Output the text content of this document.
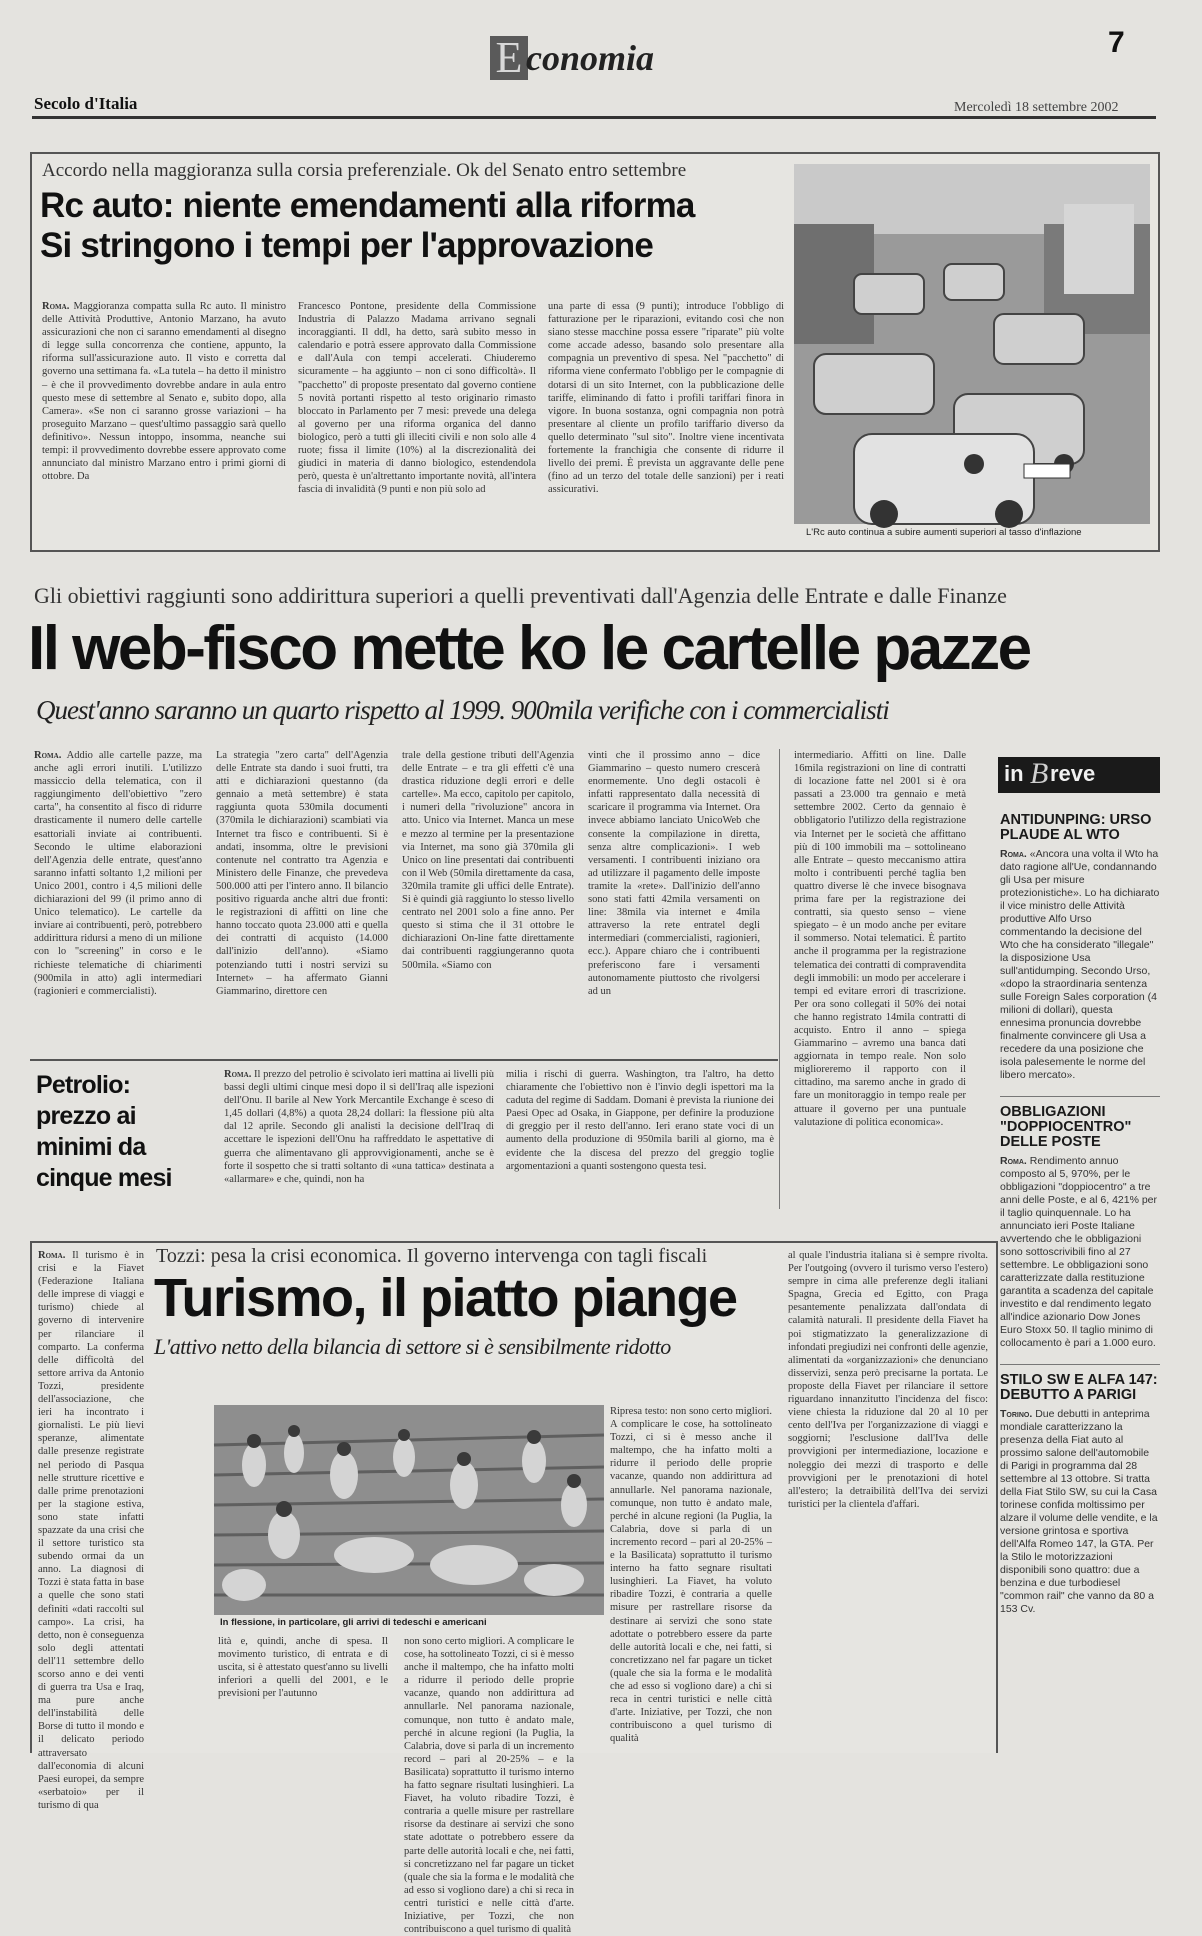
E conomia	7
Secolo d'Italia	Mercoledì 18 settembre 2002
Accordo nella maggioranza sulla corsia preferenziale. Ok del Senato entro settembre
Rc auto: niente emendamenti alla riforma
Si stringono i tempi per l'approvazione

Roma. Maggioranza compatta sulla Rc auto. Il ministro delle Attività Produttive, Antonio Marzano, ha avuto assicurazioni che non ci saranno emendamenti al disegno di legge sulla concorrenza che contiene, appunto, la riforma sull'assicurazione auto. Il visto e corretta dal governo una settimana fa. «La tutela – ha detto il ministro – è che il provvedimento dovrebbe andare in aula entro questo mese di settembre al Senato e, subito dopo, alla Camera». «Se non ci saranno grosse variazioni – ha proseguito Marzano – quest'ultimo passaggio sarà quello definitivo». Nessun intoppo, insomma, neanche sui tempi: il provvedimento dovrebbe essere approvato come annunciato dal ministro Marzano entro i primi giorni di ottobre. Da

Francesco Pontone, presidente della Commissione Industria di Palazzo Madama arrivano segnali incoraggianti. Il ddl, ha detto, sarà subito messo in calendario e potrà essere approvato dalla Commissione e dall'Aula con tempi accelerati. Chiuderemo sicuramente – ha aggiunto – non ci sono difficoltà». Il "pacchetto" di proposte presentato dal governo contiene 5 novità portanti rispetto al testo originario rimasto bloccato in Parlamento per 7 mesi: prevede una delega al governo per una riforma organica del danno biologico, però a tutti gli illeciti civili e non solo alle 4 ruote; fissa il limite (10%) al la discrezionalità dei giudici in materia di danno biologico, estendendola però, questa è un'altrettanto importante novità, all'intera fascia di invalidità (9 punti e non più solo ad

una parte di essa (9 punti); introduce l'obbligo di fatturazione per le riparazioni, evitando così che non siano stesse macchine possa essere "riparate" più volte come accade adesso, basando solo presentare alla compagnia un preventivo di spesa. Nel "pacchetto" di riforma viene confermato l'obbligo per le compagnie di dotarsi di un sito Internet, con la pubblicazione delle tariffe, eliminando di fatto i profili tariffari finora in vigore. In buona sostanza, ogni compagnia non potrà presentare al cliente un profilo tariffario diverso da quello determinato "sul sito". Inoltre viene incentivata fortemente la franchigia che consente di ridurre il livello dei premi. È prevista un aggravante delle pene (fino ad un terzo del totale delle sanzioni) per i reati assicurativi.

L'Rc auto continua a subire aumenti superiori al tasso d'inflazione
Gli obiettivi raggiunti sono addirittura superiori a quelli preventivati dall'Agenzia delle Entrate e dalle Finanze
Il web-fisco mette ko le cartelle pazze
Quest'anno saranno un quarto rispetto al 1999. 900mila verifiche con i commercialisti

Roma. Addio alle cartelle pazze, ma anche agli errori inutili. L'utilizzo massiccio della telematica, con il raggiungimento dell'obiettivo "zero carta", ha consentito al fisco di ridurre drasticamente il numero delle cartelle esattoriali inviate ai contribuenti. Secondo le ultime elaborazioni dell'Agenzia delle entrate, quest'anno saranno infatti soltanto 1,2 milioni per Unico 2001, contro i 4,5 milioni delle dichiarazioni del 99 (il primo anno di Unico telematico). Le cartelle da inviare ai contribuenti, però, potrebbero addirittura ridursi a meno di un milione con lo "screening" in corso e le richieste telematiche di chiarimenti (900mila in atto) agli intermediari (ragionieri e commercialisti).

La strategia "zero carta" dell'Agenzia delle Entrate sta dando i suoi frutti, tra atti e dichiarazioni questanno (da gennaio a metà settembre) è stata raggiunta quota 530mila documenti (370mila le dichiarazioni) scambiati via Internet tra fisco e contribuenti. Si è andati, insomma, oltre le previsioni contenute nel contratto tra Agenzia e Ministero delle Finanze, che prevedeva 500.000 atti per l'intero anno. Il bilancio positivo riguarda anche altri due fronti: le registrazioni di affitti on line che hanno toccato quota 23.000 atti e quella dei contratti di acquisto (14.000 dall'inizio dell'anno). «Siamo potenziando tutti i nostri servizi su Internet» – ha affermato Gianni Giammarino, direttore cen

trale della gestione tributi dell'Agenzia delle Entrate – e tra gli effetti c'è una drastica riduzione degli errori e delle cartelle». Ma ecco, capitolo per capitolo, i numeri della "rivoluzione" ancora in atto. Unico via Internet. Manca un mese e mezzo al termine per la presentazione via Internet, ma sono già 370mila gli Unico on line presentati dai contribuenti con il Web (50mila direttamente da casa, 320mila tramite gli uffici delle Entrate). Si è quindi già raggiunto lo stesso livello centrato nel 2001 solo a fine anno. Per questo si stima che il 31 ottobre le dichiarazioni On-line fatte direttamente dai contribuenti raggiungeranno quota 500mila. «Siamo con

vinti che il prossimo anno – dice Giammarino – questo numero crescerà enormemente. Uno degli ostacoli è infatti rappresentato dalla necessità di scaricare il programma via Internet. Ora invece abbiamo lanciato UnicoWeb che consente la compilazione in diretta, senza altre complicazioni». I web versamenti. I contribuenti iniziano ora ad utilizzare il pagamento delle imposte tramite la «rete». Dall'inizio dell'anno sono stati fatti 42mila versamenti on line: 38mila via internet e 4mila attraverso la rete entratel degli intermediari (commercialisti, ragionieri, ecc.). Appare chiaro che i contribuenti preferiscono fare i versamenti autonomamente piuttosto che rivolgersi ad un

intermediario. Affitti on line. Dalle 16mila registrazioni on line di contratti di locazione fatte nel 2001 si è ora passati a 23.000 tra gennaio e metà settembre 2002. Certo da gennaio è obbligatorio l'utilizzo della registrazione via Internet per le società che affittano più di 100 immobili ma – sottolineano alle Entrate – questo meccanismo attira molto i contribuenti perché taglia ben quattro diverse lè che invece bisognava prima fare per la registrazione dei contratti, sia questo senso – viene spiegato – è un modo anche per evitare il sommerso. Notai telematici. È partito anche il programma per la registrazione telematica dei contratti di compravendita degli immobili: un modo per accelerare i tempi ed evitare errori di trascrizione. Per ora sono collegati il 50% dei notai che hanno registrato 14mila contratti di acquisto. Entro il anno – spiega Giammarino – avremo una banca dati aggiornata in tempo reale. Non solo miglioreremo il rapporto con il cittadino, ma saremo anche in grado di fare un monitoraggio in tempo reale per attuare il governo per una puntuale valutazione di politica economica».

Petrolio: prezzo ai minimi da cinque mesi

Roma. Il prezzo del petrolio è scivolato ieri mattina ai livelli più bassi degli ultimi cinque mesi dopo il sì dell'Iraq alle ispezioni dell'Onu. Il barile al New York Mercantile Exchange è sceso di 1,45 dollari (4,8%) a quota 28,24 dollari: la flessione più alta dal 12 aprile. Secondo gli analisti la decisione dell'Iraq di accettare le ispezioni dell'Onu ha raffreddato le aspettative di guerra che alimentavano gli approvvigionamenti, anche se è forte il sospetto che si tratti soltanto di «una tattica» destinata a «allarmare» e che, quindi, non ha

milia i rischi di guerra. Washington, tra l'altro, ha detto chiaramente che l'obiettivo non è l'invio degli ispettori ma la caduta del regime di Saddam. Domani è prevista la riunione dei Paesi Opec ad Osaka, in Giappone, per definire la produzione di greggio per il resto dell'anno. Ieri erano state voci di un aumento della produzione di 950mila barili al giorno, ma è evidente che la discesa del prezzo del greggio toglie argomentazioni a quanti sostengono questa tesi.

Roma. Il turismo è in crisi e la Fiavet (Federazione Italiana delle imprese di viaggi e turismo) chiede al governo di intervenire per rilanciare il comparto. La conferma delle difficoltà del settore arriva da Antonio Tozzi, presidente dell'associazione, che ieri ha incontrato i giornalisti. Le più lievi speranze, alimentate dalle presenze registrate nel periodo di Pasqua nelle strutture ricettive e dalle prime prenotazioni per la stagione estiva, sono state infatti spazzate da una crisi che il settore turistico sta subendo ormai da un anno. La diagnosi di Tozzi è stata fatta in base a quelle che sono stati definiti «dati raccolti sul campo». La crisi, ha detto, non è conseguenza solo degli attentati dell'11 settembre dello scorso anno e dei venti di guerra tra Usa e Iraq, ma pure anche dell'instabilità delle Borse di tutto il mondo e il delicato periodo attraversato dall'economia di alcuni Paesi europei, da sempre «serbatoio» per il turismo di qua

Tozzi: pesa la crisi economica. Il governo intervenga con tagli fiscali
Turismo, il piatto piange
L'attivo netto della bilancia di settore si è sensibilmente ridotto
In flessione, in particolare, gli arrivi di tedeschi e americani

lità e, quindi, anche di spesa. Il movimento turistico, di entrata e di uscita, si è attestato quest'anno su livelli inferiori a quelli del 2001, e le previsioni per l'autunno

non sono certo migliori. A complicare le cose, ha sottolineato Tozzi, ci si è messo anche il maltempo, che ha infatto molti a ridurre il periodo delle proprie vacanze, quando non addirittura ad annullarle. Nel panorama nazionale, comunque, non tutto è andato male, perché in alcune regioni (la Puglia, la Calabria, dove si parla di un incremento record – pari al 20-25% – e la Basilicata) soprattutto il turismo interno ha fatto segnare risultati lusinghieri. La Fiavet, ha voluto ribadire Tozzi, è contraria a quelle misure per rastrellare risorse da destinare ai servizi che sono state adottate o potrebbero essere da parte delle autorità locali e che, nei fatti, si concretizzano nel far pagare un ticket (quale che sia la forma e le modalità che ad esso si vogliono dare) a chi si reca in centri turistici e nelle città d'arte. Iniziative, per Tozzi, che non contribuiscono a quel turismo di qualità

Ripresa testo: non sono certo migliori. A complicare le cose, ha sottolineato Tozzi, ci si è messo anche il maltempo, che ha infatto molti a ridurre il periodo delle proprie vacanze, quando non addirittura ad annullarle. Nel panorama nazionale, comunque, non tutto è andato male, perché in alcune regioni (la Puglia, la Calabria, dove si parla di un incremento record – pari al 20-25% – e la Basilicata) soprattutto il turismo interno ha fatto segnare risultati lusinghieri. La Fiavet, ha voluto ribadire Tozzi, è contraria a quelle misure per rastrellare risorse da destinare ai servizi che sono state adottate o potrebbero essere da parte delle autorità locali e che, nei fatti, si concretizzano nel far pagare un ticket (quale che sia la forma e le modalità che ad esso si vogliono dare) a chi si reca in centri turistici e nelle città d'arte. Iniziative, per Tozzi, che non contribuiscono a quel turismo di qualità

al quale l'industria italiana si è sempre rivolta. Per l'outgoing (ovvero il turismo verso l'estero) sempre in cima alle preferenze degli italiani Spagna, Grecia ed Egitto, con Praga pesantemente penalizzata dall'ondata di calamità naturali. Il presidente della Fiavet ha poi stigmatizzato la generalizzazione di infondati pregiudizi nei confronti delle agenzie, alimentati da «organizzazioni» che denunciano disservizi, senza però precisarne la portata. Le proposte della Fiavet per rilanciare il settore riguardano innanzitutto l'incidenza del fisco: viene chiesta la riduzione dal 20 al 10 per cento dell'Iva per l'organizzazione di viaggi e soggiorni; l'esclusione dall'Iva delle provvigioni per intermediazione, locazione e noleggio dei mezzi di trasporto e delle provvigioni per le prenotazioni di hotel all'estero; la detraibilità dell'Iva dei servizi turistici per la clientela d'affari.

in B reve
ANTIDUNPING: URSO PLAUDE AL WTO
Roma. «Ancora una volta il Wto ha dato ragione all'Ue, condannando gli Usa per misure protezionistiche». Lo ha dichiarato il vice ministro delle Attività produttive Alfo Urso commentando la decisione del Wto che ha considerato "illegale" la disposizione Usa sull'antidumping. Secondo Urso, «dopo la straordinaria sentenza sulle Foreign Sales corporation (4 milioni di dollari), questa ennesima pronuncia dovrebbe finalmente convincere gli Usa a recedere da una posizione che isola palesemente le norme del libero mercato».
OBBLIGAZIONI "DOPPIOCENTRO" DELLE POSTE
Roma. Rendimento annuo composto al 5, 970%, per le obbligazioni "doppiocentro" a tre anni delle Poste, e al 6, 421% per il taglio quinquennale. Lo ha annunciato ieri Poste Italiane avvertendo che le obbligazioni sono sottoscrivibili fino al 27 settembre. Le obbligazioni sono caratterizzate dalla restituzione garantita a scadenza del capitale investito e dal rendimento legato all'indice azionario Dow Jones Euro Stoxx 50. Il taglio minimo di collocamento è pari a 1.000 euro.
STILO SW E ALFA 147: DEBUTTO A PARIGI
Torino. Due debutti in anteprima mondiale caratterizzano la presenza della Fiat auto al prossimo salone dell'automobile di Parigi in programma dal 28 settembre al 13 ottobre. Si tratta della Fiat Stilo SW, su cui la Casa torinese confida moltissimo per alzare il volume delle vendite, e la versione grintosa e sportiva dell'Alfa Romeo 147, la GTA. Per la Stilo le motorizzazioni disponibili sono quattro: due a benzina e due turbodiesel "common rail" che vanno da 80 a 153 Cv.
